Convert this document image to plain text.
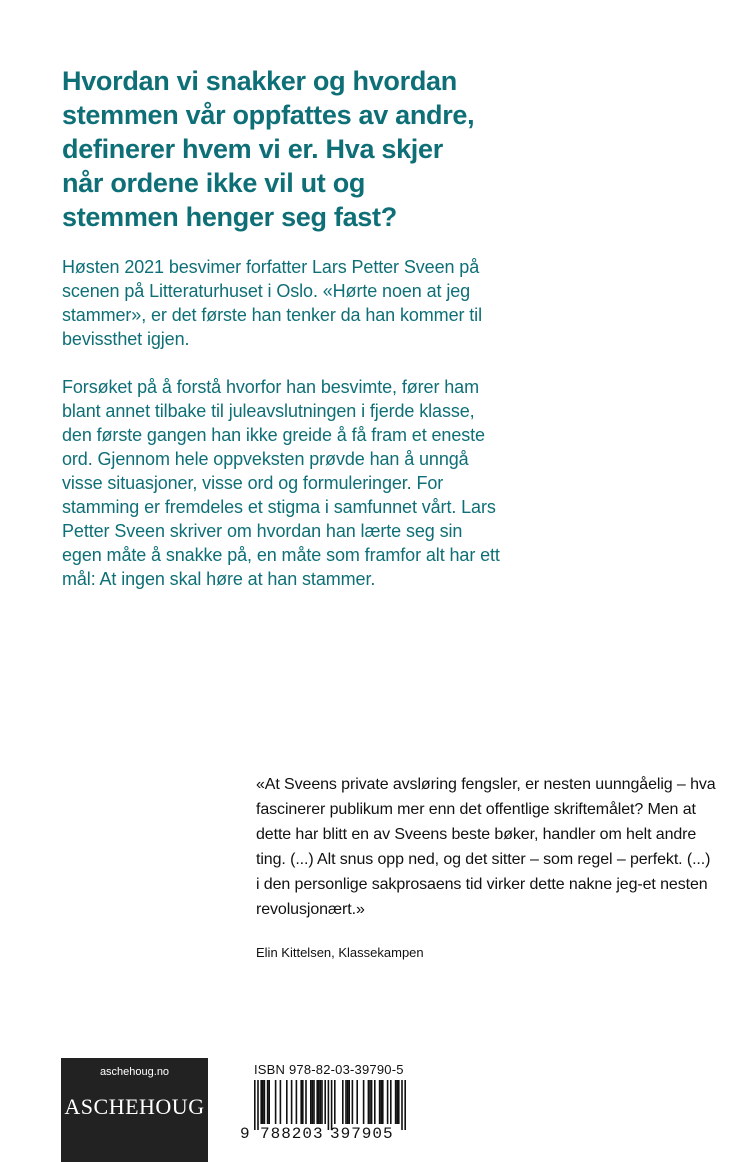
Hvordan vi snakker og hvordan stemmen vår oppfattes av andre, definerer hvem vi er. Hva skjer når ordene ikke vil ut og stemmen henger seg fast?

Høsten 2021 besvimer forfatter Lars Petter Sveen på scenen på Litteraturhuset i Oslo. «Hørte noen at jeg stammer», er det første han tenker da han kommer til bevissthet igjen.

Forsøket på å forstå hvorfor han besvimte, fører ham blant annet tilbake til juleavslutningen i fjerde klasse, den første gangen han ikke greide å få fram et eneste ord. Gjennom hele oppveksten prøvde han å unngå visse situasjoner, visse ord og formuleringer. For stamming er fremdeles et stigma i samfunnet vårt. Lars Petter Sveen skriver om hvordan han lærte seg sin egen måte å snakke på, en måte som framfor alt har ett mål: At ingen skal høre at han stammer.

«At Sveens private avsløring fengsler, er nesten uunngåelig – hva fascinerer publikum mer enn det offentlige skriftemålet? Men at dette har blitt en av Sveens beste bøker, handler om helt andre ting. (...) Alt snus opp ned, og det sitter – som regel – perfekt. (...) i den personlige sakprosaens tid virker dette nakne jeg-et nesten revolusjonært.»

Elin Kittelsen, Klassekampen

aschehoug.no
ASCHEHOUG

ISBN 978-82-03-39790-5

9 788203 397905
